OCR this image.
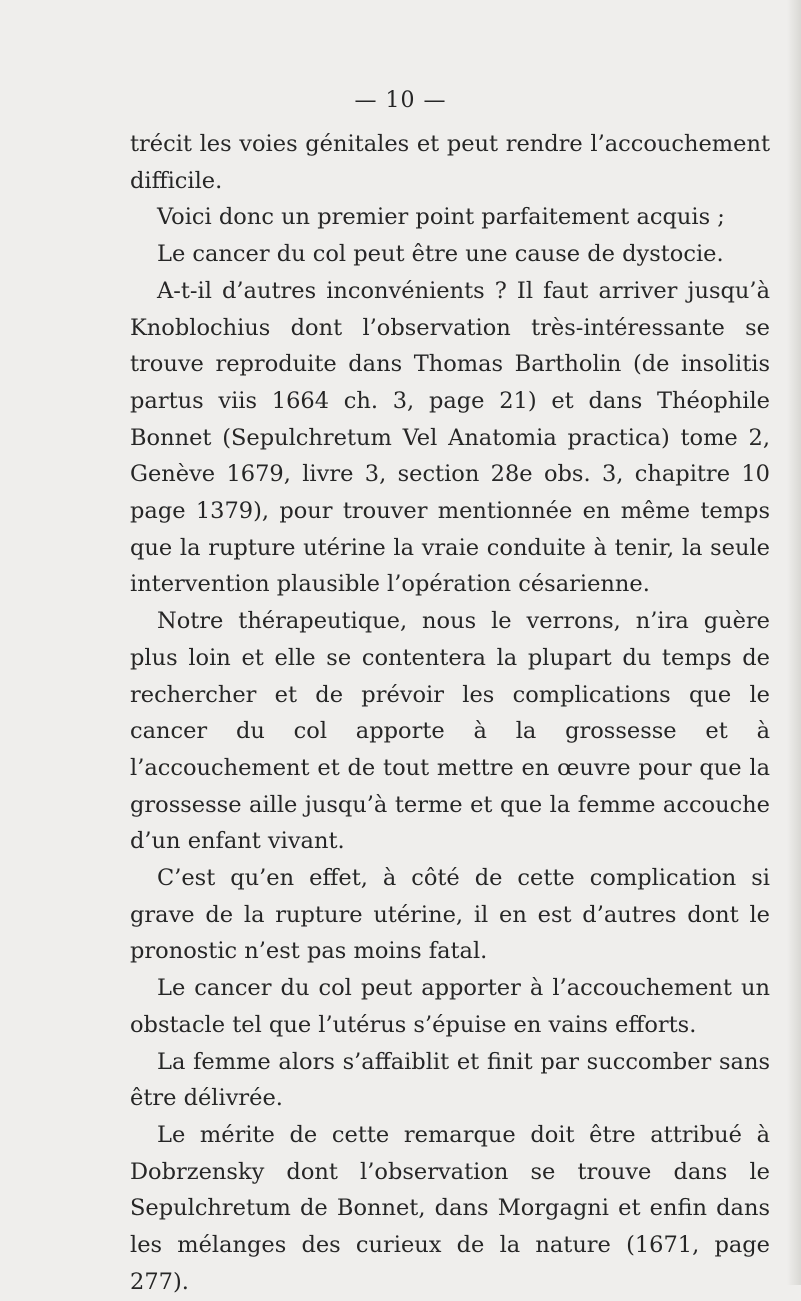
— 10 —

trécit les voies génitales et peut rendre l’accouchement difficile.

Voici donc un premier point parfaitement acquis ;

Le cancer du col peut être une cause de dystocie.

A-t-il d’autres inconvénients ? Il faut arriver jusqu’à Knoblochius dont l’observation très-intéressante se trouve reproduite dans Thomas Bartholin (de insolitis partus viis 1664 ch. 3, page 21) et dans Théophile Bonnet (Sepulchretum Vel Anatomia practica) tome 2, Genève 1679, livre 3, section 28e obs. 3, chapitre 10 page 1379), pour trouver mentionnée en même temps que la rupture utérine la vraie conduite à tenir, la seule intervention plausible l’opération césarienne.

Notre thérapeutique, nous le verrons, n’ira guère plus loin et elle se contentera la plupart du temps de rechercher et de prévoir les complications que le cancer du col apporte à la grossesse et à l’accouchement et de tout mettre en œuvre pour que la grossesse aille jusqu’à terme et que la femme accouche d’un enfant vivant.

C’est qu’en effet, à côté de cette complication si grave de la rupture utérine, il en est d’autres dont le pronostic n’est pas moins fatal.

Le cancer du col peut apporter à l’accouchement un obstacle tel que l’utérus s’épuise en vains efforts.

La femme alors s’affaiblit et finit par succomber sans être délivrée.

Le mérite de cette remarque doit être attribué à Dobrzensky dont l’observation se trouve dans le Sepulchretum de Bonnet, dans Morgagni et enfin dans les mélanges des curieux de la nature (1671, page 277).
